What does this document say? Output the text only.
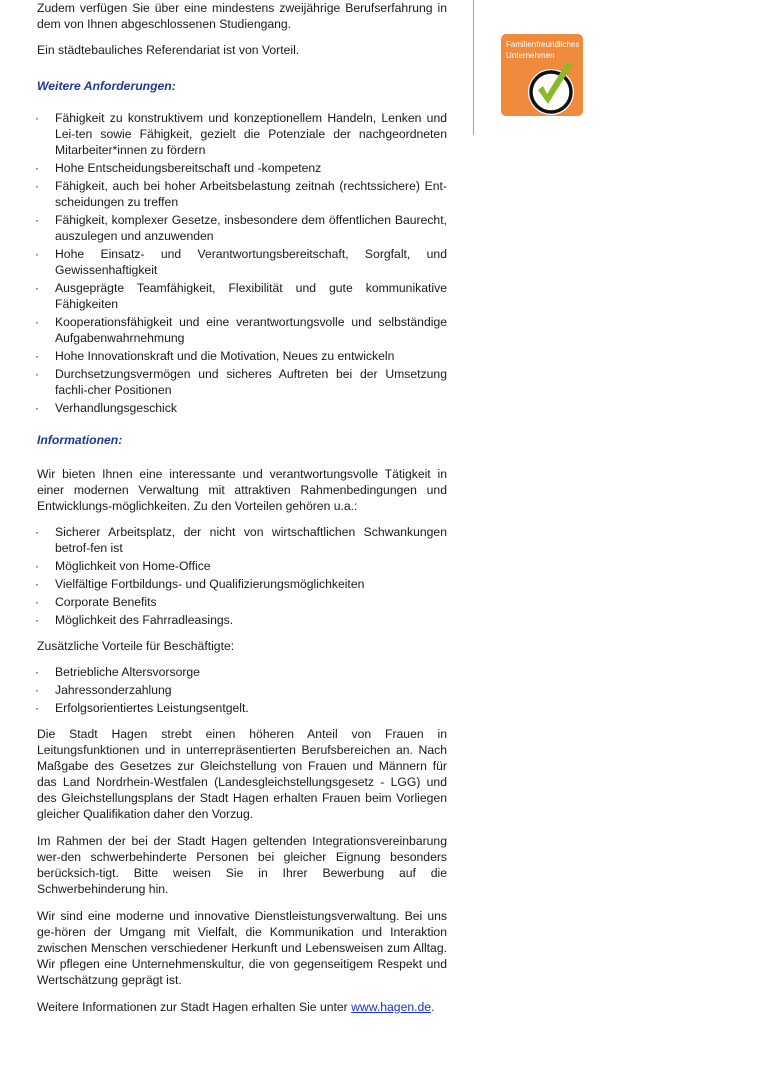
Familienfreundliches
Unternehmen

Zudem verfügen Sie über eine mindestens zweijährige Berufserfahrung in dem von Ihnen abgeschlossenen Studiengang.

Ein städtebauliches Referendariat ist von Vorteil.

Weitere Anforderungen:

· Fähigkeit zu konstruktivem und konzeptionellem Handeln, Lenken und Lei-ten sowie Fähigkeit, gezielt die Potenziale der nachgeordneten Mitarbeiter*innen zu fördern
· Hohe Entscheidungsbereitschaft und -kompetenz
· Fähigkeit, auch bei hoher Arbeitsbelastung zeitnah (rechtssichere) Ent-scheidungen zu treffen
· Fähigkeit, komplexer Gesetze, insbesondere dem öffentlichen Baurecht, auszulegen und anzuwenden
· Hohe Einsatz- und Verantwortungsbereitschaft, Sorgfalt, und Gewissenhaftigkeit
· Ausgeprägte Teamfähigkeit, Flexibilität und gute kommunikative Fähigkeiten
· Kooperationsfähigkeit und eine verantwortungsvolle und selbständige Aufgabenwahrnehmung
· Hohe Innovationskraft und die Motivation, Neues zu entwickeln
· Durchsetzungsvermögen und sicheres Auftreten bei der Umsetzung fachli-cher Positionen
· Verhandlungsgeschick

Informationen:

Wir bieten Ihnen eine interessante und verantwortungsvolle Tätigkeit in einer modernen Verwaltung mit attraktiven Rahmenbedingungen und Entwicklungs-möglichkeiten. Zu den Vorteilen gehören u.a.:

· Sicherer Arbeitsplatz, der nicht von wirtschaftlichen Schwankungen betrof-fen ist
· Möglichkeit von Home-Office
· Vielfältige Fortbildungs- und Qualifizierungsmöglichkeiten
· Corporate Benefits
· Möglichkeit des Fahrradleasings.

Zusätzliche Vorteile für Beschäftigte:

· Betriebliche Altersvorsorge
· Jahressonderzahlung
· Erfolgsorientiertes Leistungsentgelt.

Die Stadt Hagen strebt einen höheren Anteil von Frauen in Leitungsfunktionen und in unterrepräsentierten Berufsbereichen an. Nach Maßgabe des Gesetzes zur Gleichstellung von Frauen und Männern für das Land Nordrhein-Westfalen (Landesgleichstellungsgesetz - LGG) und des Gleichstellungsplans der Stadt Hagen erhalten Frauen beim Vorliegen gleicher Qualifikation daher den Vorzug.

Im Rahmen der bei der Stadt Hagen geltenden Integrationsvereinbarung wer-den schwerbehinderte Personen bei gleicher Eignung besonders berücksich-tigt. Bitte weisen Sie in Ihrer Bewerbung auf die Schwerbehinderung hin.

Wir sind eine moderne und innovative Dienstleistungsverwaltung. Bei uns ge-hören der Umgang mit Vielfalt, die Kommunikation und Interaktion zwischen Menschen verschiedener Herkunft und Lebensweisen zum Alltag. Wir pflegen eine Unternehmenskultur, die von gegenseitigem Respekt und Wertschätzung geprägt ist.

Weitere Informationen zur Stadt Hagen erhalten Sie unter www.hagen.de.
